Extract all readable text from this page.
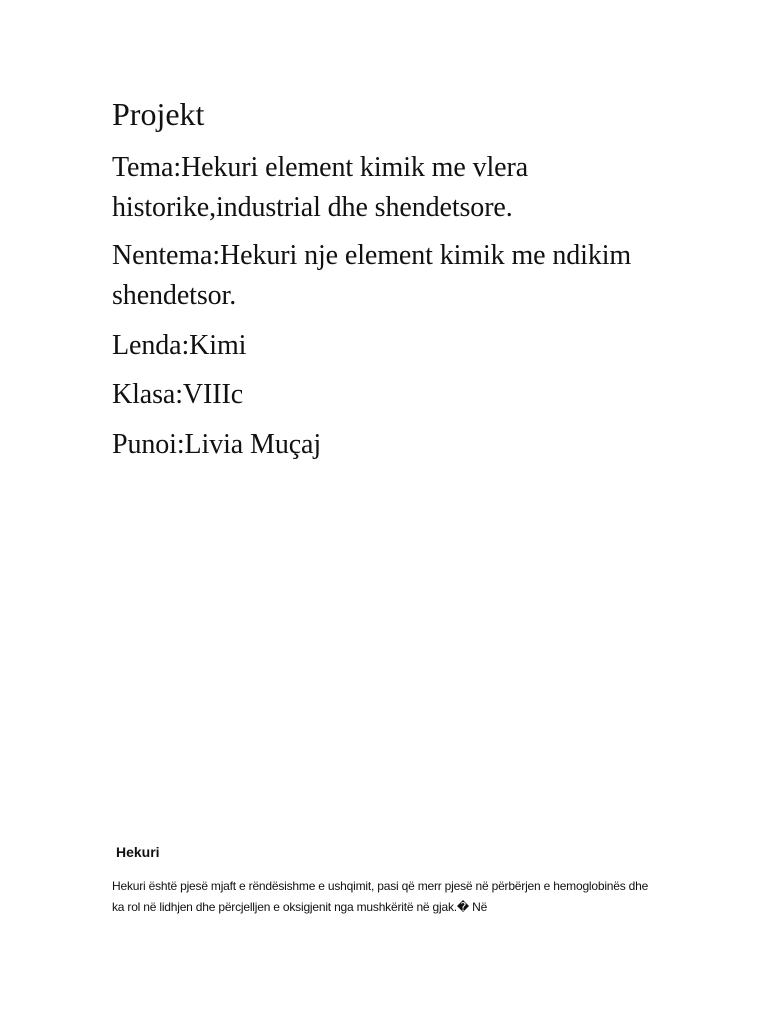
Projekt

Tema:Hekuri element kimik me vlera historike,industrial dhe shendetsore.

Nentema:Hekuri nje element kimik me ndikim shendetsor.

Lenda:Kimi

Klasa:VIIIc

Punoi:Livia Muçaj

Hekuri

Hekuri është pjesë mjaft e rëndësishme e ushqimit, pasi që merr pjesë në përbërjen e hemoglobinës dhe ka rol në lidhjen dhe përcjelljen e oksigjenit nga mushkëritë në gjak.� Në
